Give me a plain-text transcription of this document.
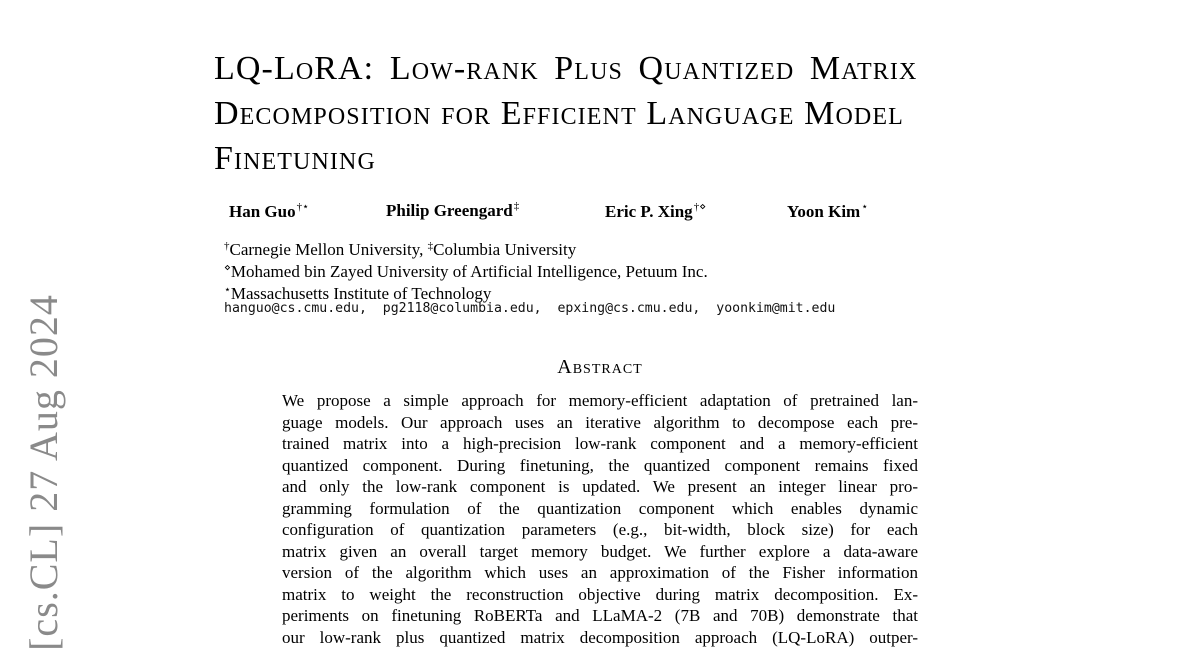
[cs.CL] 27 Aug 2024
LQ-LoRA: Low-rank Plus Quantized Matrix
Decomposition for Efficient Language Model
Finetuning
Han Guo†⋆	Philip Greengard‡	Eric P. Xing†⋄	Yoon Kim⋆
†Carnegie Mellon University, ‡Columbia University
⋄Mohamed bin Zayed University of Artificial Intelligence, Petuum Inc.
⋆Massachusetts Institute of Technology
hanguo@cs.cmu.edu,  pg2118@columbia.edu,  epxing@cs.cmu.edu,  yoonkim@mit.edu
Abstract
We propose a simple approach for memory-efficient adaptation of pretrained lan-
guage models. Our approach uses an iterative algorithm to decompose each pre-
trained matrix into a high-precision low-rank component and a memory-efficient
quantized component. During finetuning, the quantized component remains fixed
and only the low-rank component is updated. We present an integer linear pro-
gramming formulation of the quantization component which enables dynamic
configuration of quantization parameters (e.g., bit-width, block size) for each
matrix given an overall target memory budget. We further explore a data-aware
version of the algorithm which uses an approximation of the Fisher information
matrix to weight the reconstruction objective during matrix decomposition. Ex-
periments on finetuning RoBERTa and LLaMA-2 (7B and 70B) demonstrate that
our low-rank plus quantized matrix decomposition approach (LQ-LoRA) outper-
